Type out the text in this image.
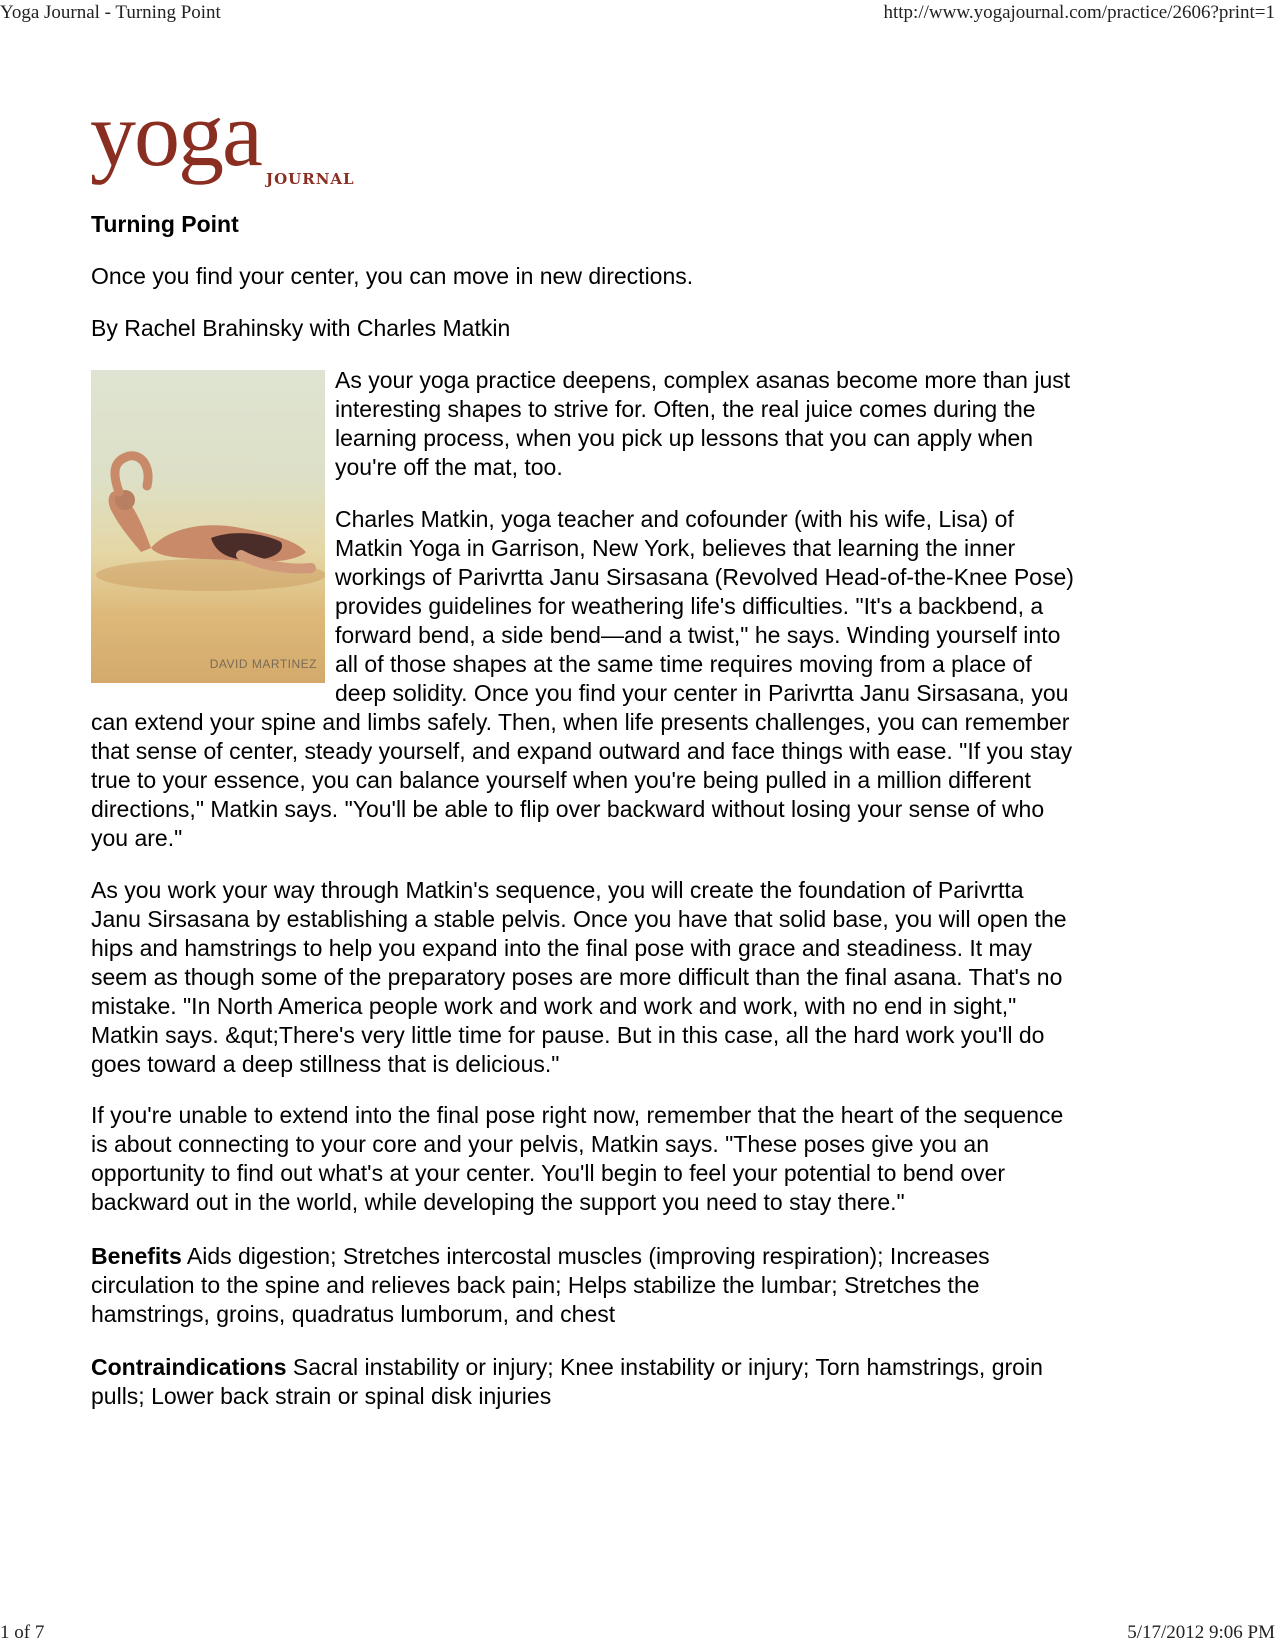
Yoga Journal - Turning Point	http://www.yogajournal.com/practice/2606?print=1
yoga JOURNAL

Turning Point

Once you find your center, you can move in new directions.

By Rachel Brahinsky with Charles Matkin

DAVID MARTINEZ

As your yoga practice deepens, complex asanas become more than just interesting shapes to strive for. Often, the real juice comes during the learning process, when you pick up lessons that you can apply when you're off the mat, too.

Charles Matkin, yoga teacher and cofounder (with his wife, Lisa) of Matkin Yoga in Garrison, New York, believes that learning the inner workings of Parivrtta Janu Sirsasana (Revolved Head-of-the-Knee Pose) provides guidelines for weathering life's difficulties. "It's a backbend, a forward bend, a side bend—and a twist," he says. Winding yourself into all of those shapes at the same time requires moving from a place of deep solidity. Once you find your center in Parivrtta Janu Sirsasana, you can extend your spine and limbs safely. Then, when life presents challenges, you can remember that sense of center, steady yourself, and expand outward and face things with ease. "If you stay true to your essence, you can balance yourself when you're being pulled in a million different directions," Matkin says. "You'll be able to flip over backward without losing your sense of who you are."

As you work your way through Matkin's sequence, you will create the foundation of Parivrtta Janu Sirsasana by establishing a stable pelvis. Once you have that solid base, you will open the hips and hamstrings to help you expand into the final pose with grace and steadiness. It may seem as though some of the preparatory poses are more difficult than the final asana. That's no mistake. "In North America people work and work and work and work, with no end in sight," Matkin says. &qut;There's very little time for pause. But in this case, all the hard work you'll do goes toward a deep stillness that is delicious."

If you're unable to extend into the final pose right now, remember that the heart of the sequence is about connecting to your core and your pelvis, Matkin says. "These poses give you an opportunity to find out what's at your center. You'll begin to feel your potential to bend over backward out in the world, while developing the support you need to stay there."

Benefits Aids digestion; Stretches intercostal muscles (improving respiration); Increases circulation to the spine and relieves back pain; Helps stabilize the lumbar; Stretches the hamstrings, groins, quadratus lumborum, and chest

Contraindications Sacral instability or injury; Knee instability or injury; Torn hamstrings, groin pulls; Lower back strain or spinal disk injuries

1 of 7	5/17/2012 9:06 PM
